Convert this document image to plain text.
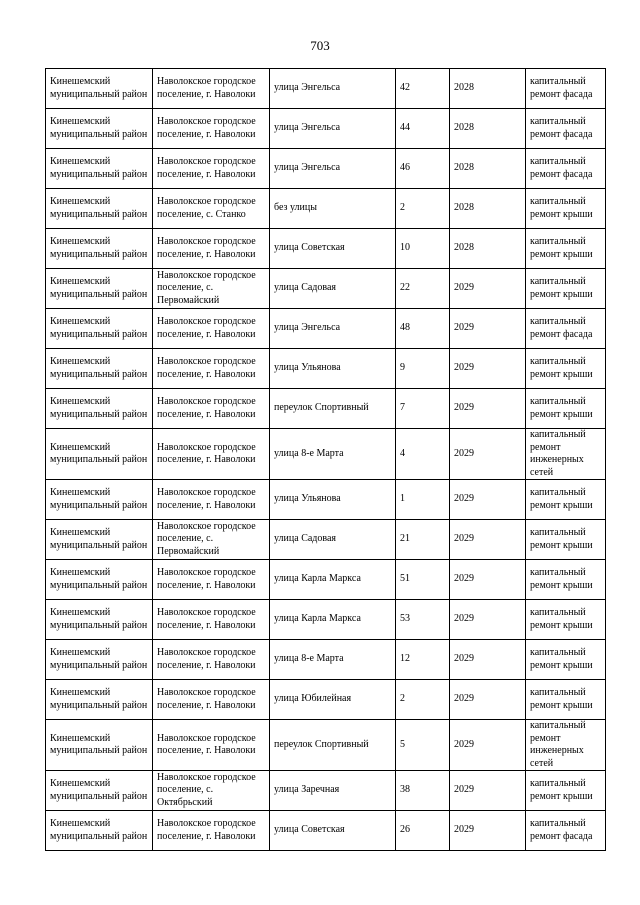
703
Кинешемский муниципальный район	Наволокское городское поселение, г. Наволоки	улица Энгельса	42	2028	капитальный ремонт фасада
Кинешемский муниципальный район	Наволокское городское поселение, г. Наволоки	улица Энгельса	44	2028	капитальный ремонт фасада
Кинешемский муниципальный район	Наволокское городское поселение, г. Наволоки	улица Энгельса	46	2028	капитальный ремонт фасада
Кинешемский муниципальный район	Наволокское городское поселение, с. Станко	без улицы	2	2028	капитальный ремонт крыши
Кинешемский муниципальный район	Наволокское городское поселение, г. Наволоки	улица Советская	10	2028	капитальный ремонт крыши
Кинешемский муниципальный район	Наволокское городское поселение, с. Первомайский	улица Садовая	22	2029	капитальный ремонт крыши
Кинешемский муниципальный район	Наволокское городское поселение, г. Наволоки	улица Энгельса	48	2029	капитальный ремонт фасада
Кинешемский муниципальный район	Наволокское городское поселение, г. Наволоки	улица Ульянова	9	2029	капитальный ремонт крыши
Кинешемский муниципальный район	Наволокское городское поселение, г. Наволоки	переулок Спортивный	7	2029	капитальный ремонт крыши
Кинешемский муниципальный район	Наволокское городское поселение, г. Наволоки	улица 8-е Марта	4	2029	капитальный ремонт инженерных сетей
Кинешемский муниципальный район	Наволокское городское поселение, г. Наволоки	улица Ульянова	1	2029	капитальный ремонт крыши
Кинешемский муниципальный район	Наволокское городское поселение, с. Первомайский	улица Садовая	21	2029	капитальный ремонт крыши
Кинешемский муниципальный район	Наволокское городское поселение, г. Наволоки	улица Карла Маркса	51	2029	капитальный ремонт крыши
Кинешемский муниципальный район	Наволокское городское поселение, г. Наволоки	улица Карла Маркса	53	2029	капитальный ремонт крыши
Кинешемский муниципальный район	Наволокское городское поселение, г. Наволоки	улица 8-е Марта	12	2029	капитальный ремонт крыши
Кинешемский муниципальный район	Наволокское городское поселение, г. Наволоки	улица Юбилейная	2	2029	капитальный ремонт крыши
Кинешемский муниципальный район	Наволокское городское поселение, г. Наволоки	переулок Спортивный	5	2029	капитальный ремонт инженерных сетей
Кинешемский муниципальный район	Наволокское городское поселение, с. Октябрьский	улица Заречная	38	2029	капитальный ремонт крыши
Кинешемский муниципальный район	Наволокское городское поселение, г. Наволоки	улица Советская	26	2029	капитальный ремонт фасада
